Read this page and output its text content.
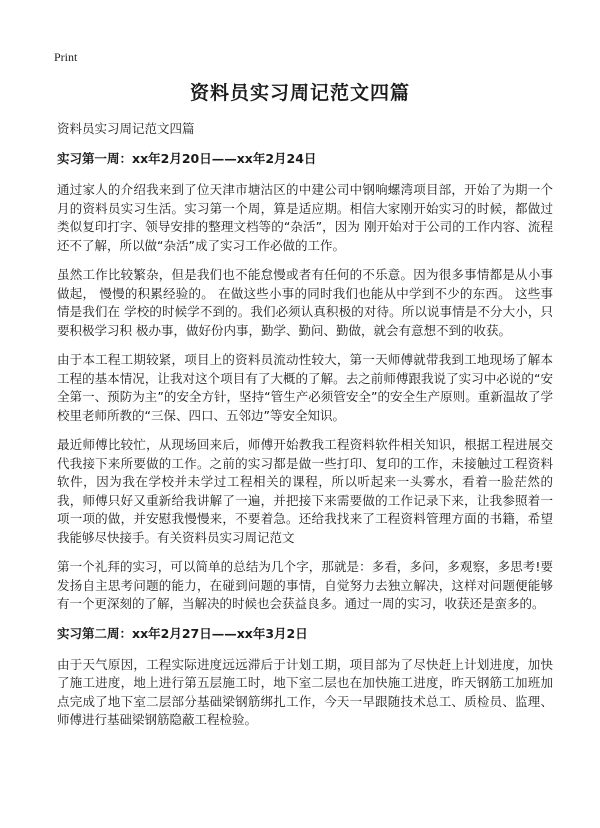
Print
资料员实习周记范文四篇

资料员实习周记范文四篇

实习第一周：xx年2月20日——xx年2月24日

通过家人的介绍我来到了位天津市塘沽区的中建公司中钢响螺湾项目部，开始了为期一个月的资料员实习生活。实习第一个周，算是适应期。相信大家刚开始实习的时候，都做过类似复印打字、领导安排的整理文档等的“杂活”，因为 刚开始对于公司的工作内容、流程还不了解，所以做“杂活”成了实习工作必做的工作。

虽然工作比较繁杂，但是我们也不能怠慢或者有任何的不乐意。因为很多事情都是从小事做起， 慢慢的积累经验的。 在做这些小事的同时我们也能从中学到不少的东西。 这些事情是我们在 学校的时候学不到的。我们必须认真积极的对待。所以说事情是不分大小，只要积极学习积 极办事，做好份内事，勤学、勤问、勤做，就会有意想不到的收获。

由于本工程工期较紧，项目上的资料员流动性较大，第一天师傅就带我到工地现场了解本工程的基本情况，让我对这个项目有了大概的了解。去之前师傅跟我说了实习中必说的“安全第一、预防为主”的安全方针，坚持“管生产必须管安全”的安全生产原则。重新温故了学校里老师所教的“三保、四口、五邻边”等安全知识。

最近师傅比较忙，从现场回来后，师傅开始教我工程资料软件相关知识，根据工程进展交代我接下来所要做的工作。之前的实习都是做一些打印、复印的工作，未接触过工程资料软件，因为我在学校并未学过工程相关的课程，所以听起来一头雾水，看着一脸茫然的我，师傅只好又重新给我讲解了一遍，并把接下来需要做的工作记录下来，让我参照着一项一项的做，并安慰我慢慢来，不要着急。还给我找来了工程资料管理方面的书籍，希望我能够尽快接手。有关资料员实习周记范文

第一个礼拜的实习，可以简单的总结为几个字，那就是：多看，多问，多观察，多思考!要发扬自主思考问题的能力，在碰到问题的事情，自觉努力去独立解决，这样对问题便能够有一个更深刻的了解，当解决的时候也会获益良多。通过一周的实习，收获还是蛮多的。

实习第二周：xx年2月27日——xx年3月2日

由于天气原因，工程实际进度远远滞后于计划工期，项目部为了尽快赶上计划进度，加快了施工进度，地上进行第五层施工时，地下室二层也在加快施工进度，昨天钢筋工加班加点完成了地下室二层部分基础梁钢筋绑扎工作，今天一早跟随技术总工、质检员、监理、师傅进行基础梁钢筋隐蔽工程检验。
